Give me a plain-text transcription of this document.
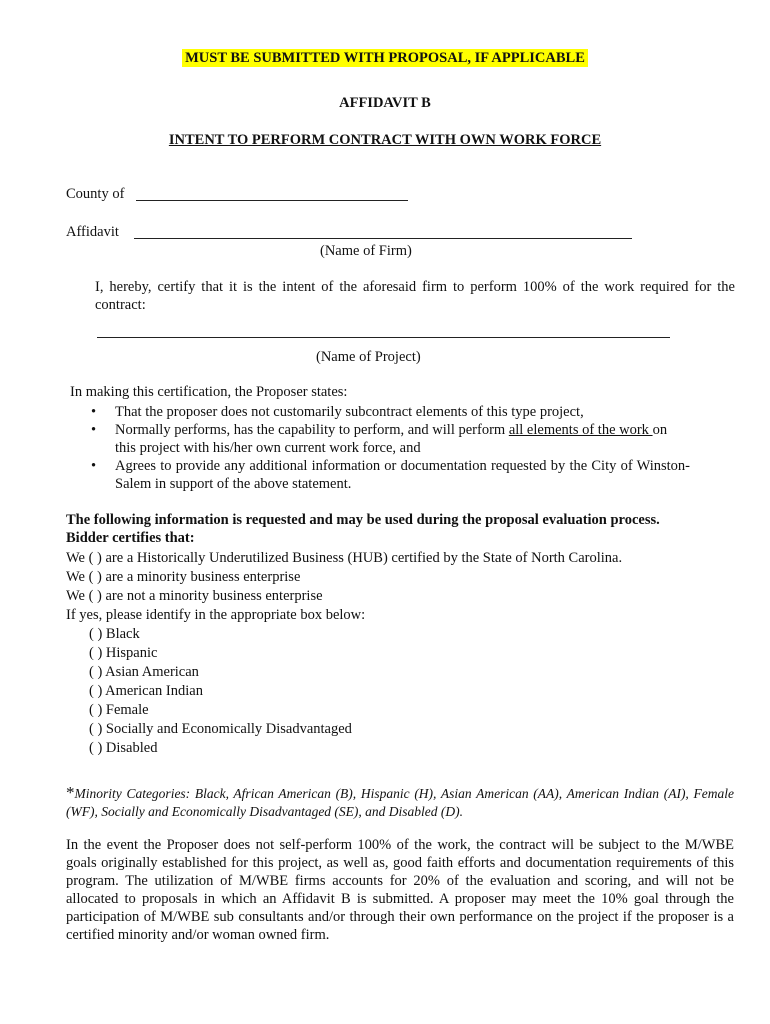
MUST BE SUBMITTED WITH PROPOSAL, IF APPLICABLE
AFFIDAVIT B
INTENT TO PERFORM CONTRACT WITH OWN WORK FORCE
County of
Affidavit
(Name of Firm)
I, hereby, certify that it is the intent of the aforesaid firm to perform 100% of the work required for the contract:
(Name of Project)
In making this certification, the Proposer states:
• That the proposer does not customarily subcontract elements of this type project,
• Normally performs, has the capability to perform, and will perform all elements of the work on this project with his/her own current work force, and
• Agrees to provide any additional information or documentation requested by the City of Winston-Salem in support of the above statement.
The following information is requested and may be used during the proposal evaluation process.
Bidder certifies that:
We ( ) are a Historically Underutilized Business (HUB) certified by the State of North Carolina.
We ( ) are a minority business enterprise
We ( ) are not a minority business enterprise
If yes, please identify in the appropriate box below:
( ) Black
( ) Hispanic
( ) Asian American
( ) American Indian
( ) Female
( ) Socially and Economically Disadvantaged
( ) Disabled
*Minority Categories: Black, African American (B), Hispanic (H), Asian American (AA), American Indian (AI), Female (WF), Socially and Economically Disadvantaged (SE), and Disabled (D).
In the event the Proposer does not self-perform 100% of the work, the contract will be subject to the M/WBE goals originally established for this project, as well as, good faith efforts and documentation requirements of this program. The utilization of M/WBE firms accounts for 20% of the evaluation and scoring, and will not be allocated to proposals in which an Affidavit B is submitted. A proposer may meet the 10% goal through the participation of M/WBE sub consultants and/or through their own performance on the project if the proposer is a certified minority and/or woman owned firm.
